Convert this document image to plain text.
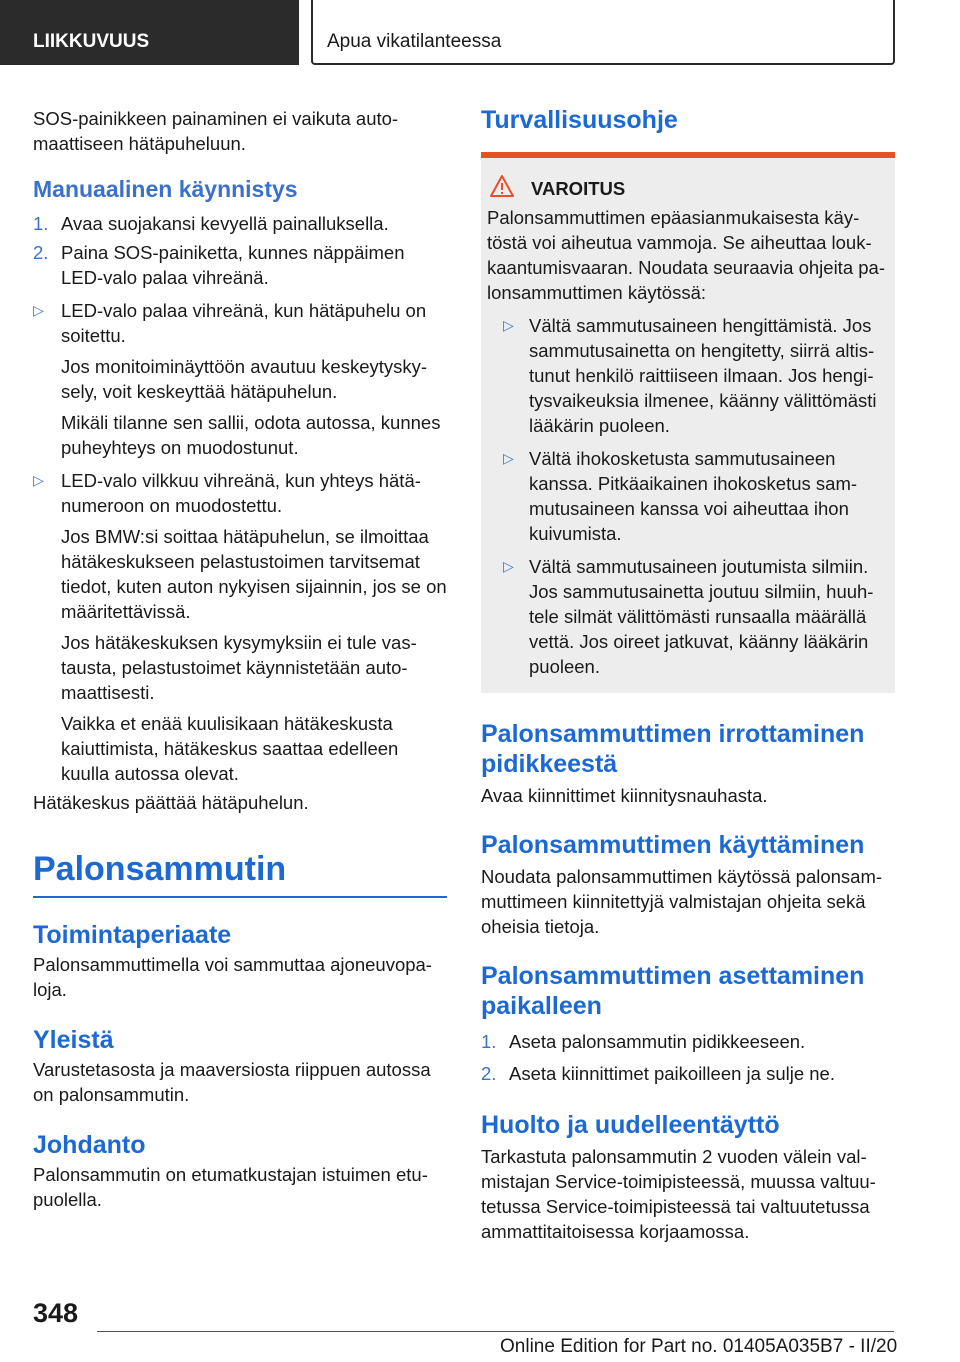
LIIKKUVUUS	Apua vikatilanteessa

SOS-painikkeen painaminen ei vaikuta auto- maattiseen hätäpuheluun.

Manuaalinen käynnistys
1. Avaa suojakansi kevyellä painalluksella.
2. Paina SOS-painiketta, kunnes näppäimen LED-valo palaa vihreänä.
▷ LED-valo palaa vihreänä, kun hätäpuhelu on soitettu.
Jos monitoiminäyttöön avautuu keskeytysky- sely, voit keskeyttää hätäpuhelun.
Mikäli tilanne sen sallii, odota autossa, kunnes puheyhteys on muodostunut.
▷ LED-valo vilkkuu vihreänä, kun yhteys hätä- numeroon on muodostettu.
Jos BMW:si soittaa hätäpuhelun, se ilmoittaa hätäkeskukseen pelastustoimen tarvitsemat tiedot, kuten auton nykyisen sijainnin, jos se on määritettävissä.
Jos hätäkeskuksen kysymyksiin ei tule vas- tausta, pelastustoimet käynnistetään auto- maattisesti.
Vaikka et enää kuulisikaan hätäkeskusta kaiuttimista, hätäkeskus saattaa edelleen kuulla autossa olevat.

Hätäkeskus päättää hätäpuhelun.

Palonsammutin
Toimintaperiaate

Palonsammuttimella voi sammuttaa ajoneuvopa- loja.

Yleistä

Varustetasosta ja maaversiosta riippuen autossa on palonsammutin.

Johdanto

Palonsammutin on etumatkustajan istuimen etu- puolella.

Turvallisuusohje
VAROITUS

Palonsammuttimen epäasianmukaisesta käy- töstä voi aiheutua vammoja. Se aiheuttaa louk- kaantumisvaaran. Noudata seuraavia ohjeita pa- lonsammuttimen käytössä:

▷ Vältä sammutusaineen hengittämistä. Jos sammutusainetta on hengitetty, siirrä altis- tunut henkilö raittiiseen ilmaan. Jos hengi- tysvaikeuksia ilmenee, käänny välittömästi lääkärin puoleen.
▷ Vältä ihokosketusta sammutusaineen kanssa. Pitkäaikainen ihokosketus sam- mutusaineen kanssa voi aiheuttaa ihon kuivumista.
▷ Vältä sammutusaineen joutumista silmiin. Jos sammutusainetta joutuu silmiin, huuh- tele silmät välittömästi runsaalla määrällä vettä. Jos oireet jatkuvat, käänny lääkärin puoleen.
Palonsammuttimen irrottaminen pidikkeestä

Avaa kiinnittimet kiinnitysnauhasta.

Palonsammuttimen käyttäminen

Noudata palonsammuttimen käytössä palonsam- muttimeen kiinnitettyjä valmistajan ohjeita sekä oheisia tietoja.

Palonsammuttimen asettaminen paikalleen
1. Aseta palonsammutin pidikkeeseen.
2. Aseta kiinnittimet paikoilleen ja sulje ne.
Huolto ja uudelleentäyttö

Tarkastuta palonsammutin 2 vuoden välein val- mistajan Service-toimipisteessä, muussa valtuu- tetussa Service-toimipisteessä tai valtuutetussa ammattitaitoisessa korjaamossa.

348
Online Edition for Part no. 01405A035B7 - II/20
